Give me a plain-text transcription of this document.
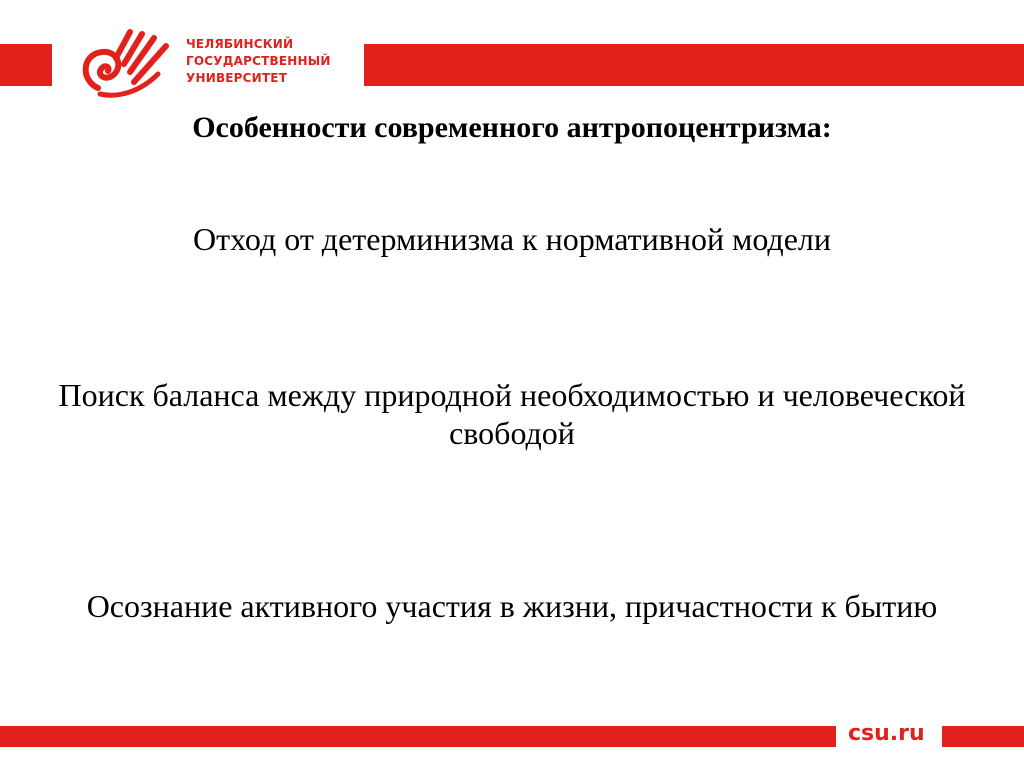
ЧЕЛЯБИНСКИЙ
ГОСУДАРСТВЕННЫЙ
УНИВЕРСИТЕТ
Особенности современного антропоцентризма:

Отход от детерминизма к нормативной модели

Поиск баланса между природной необходимостью и человеческой свободой

Осознание активного участия в жизни, причастности к бытию

csu.ru
